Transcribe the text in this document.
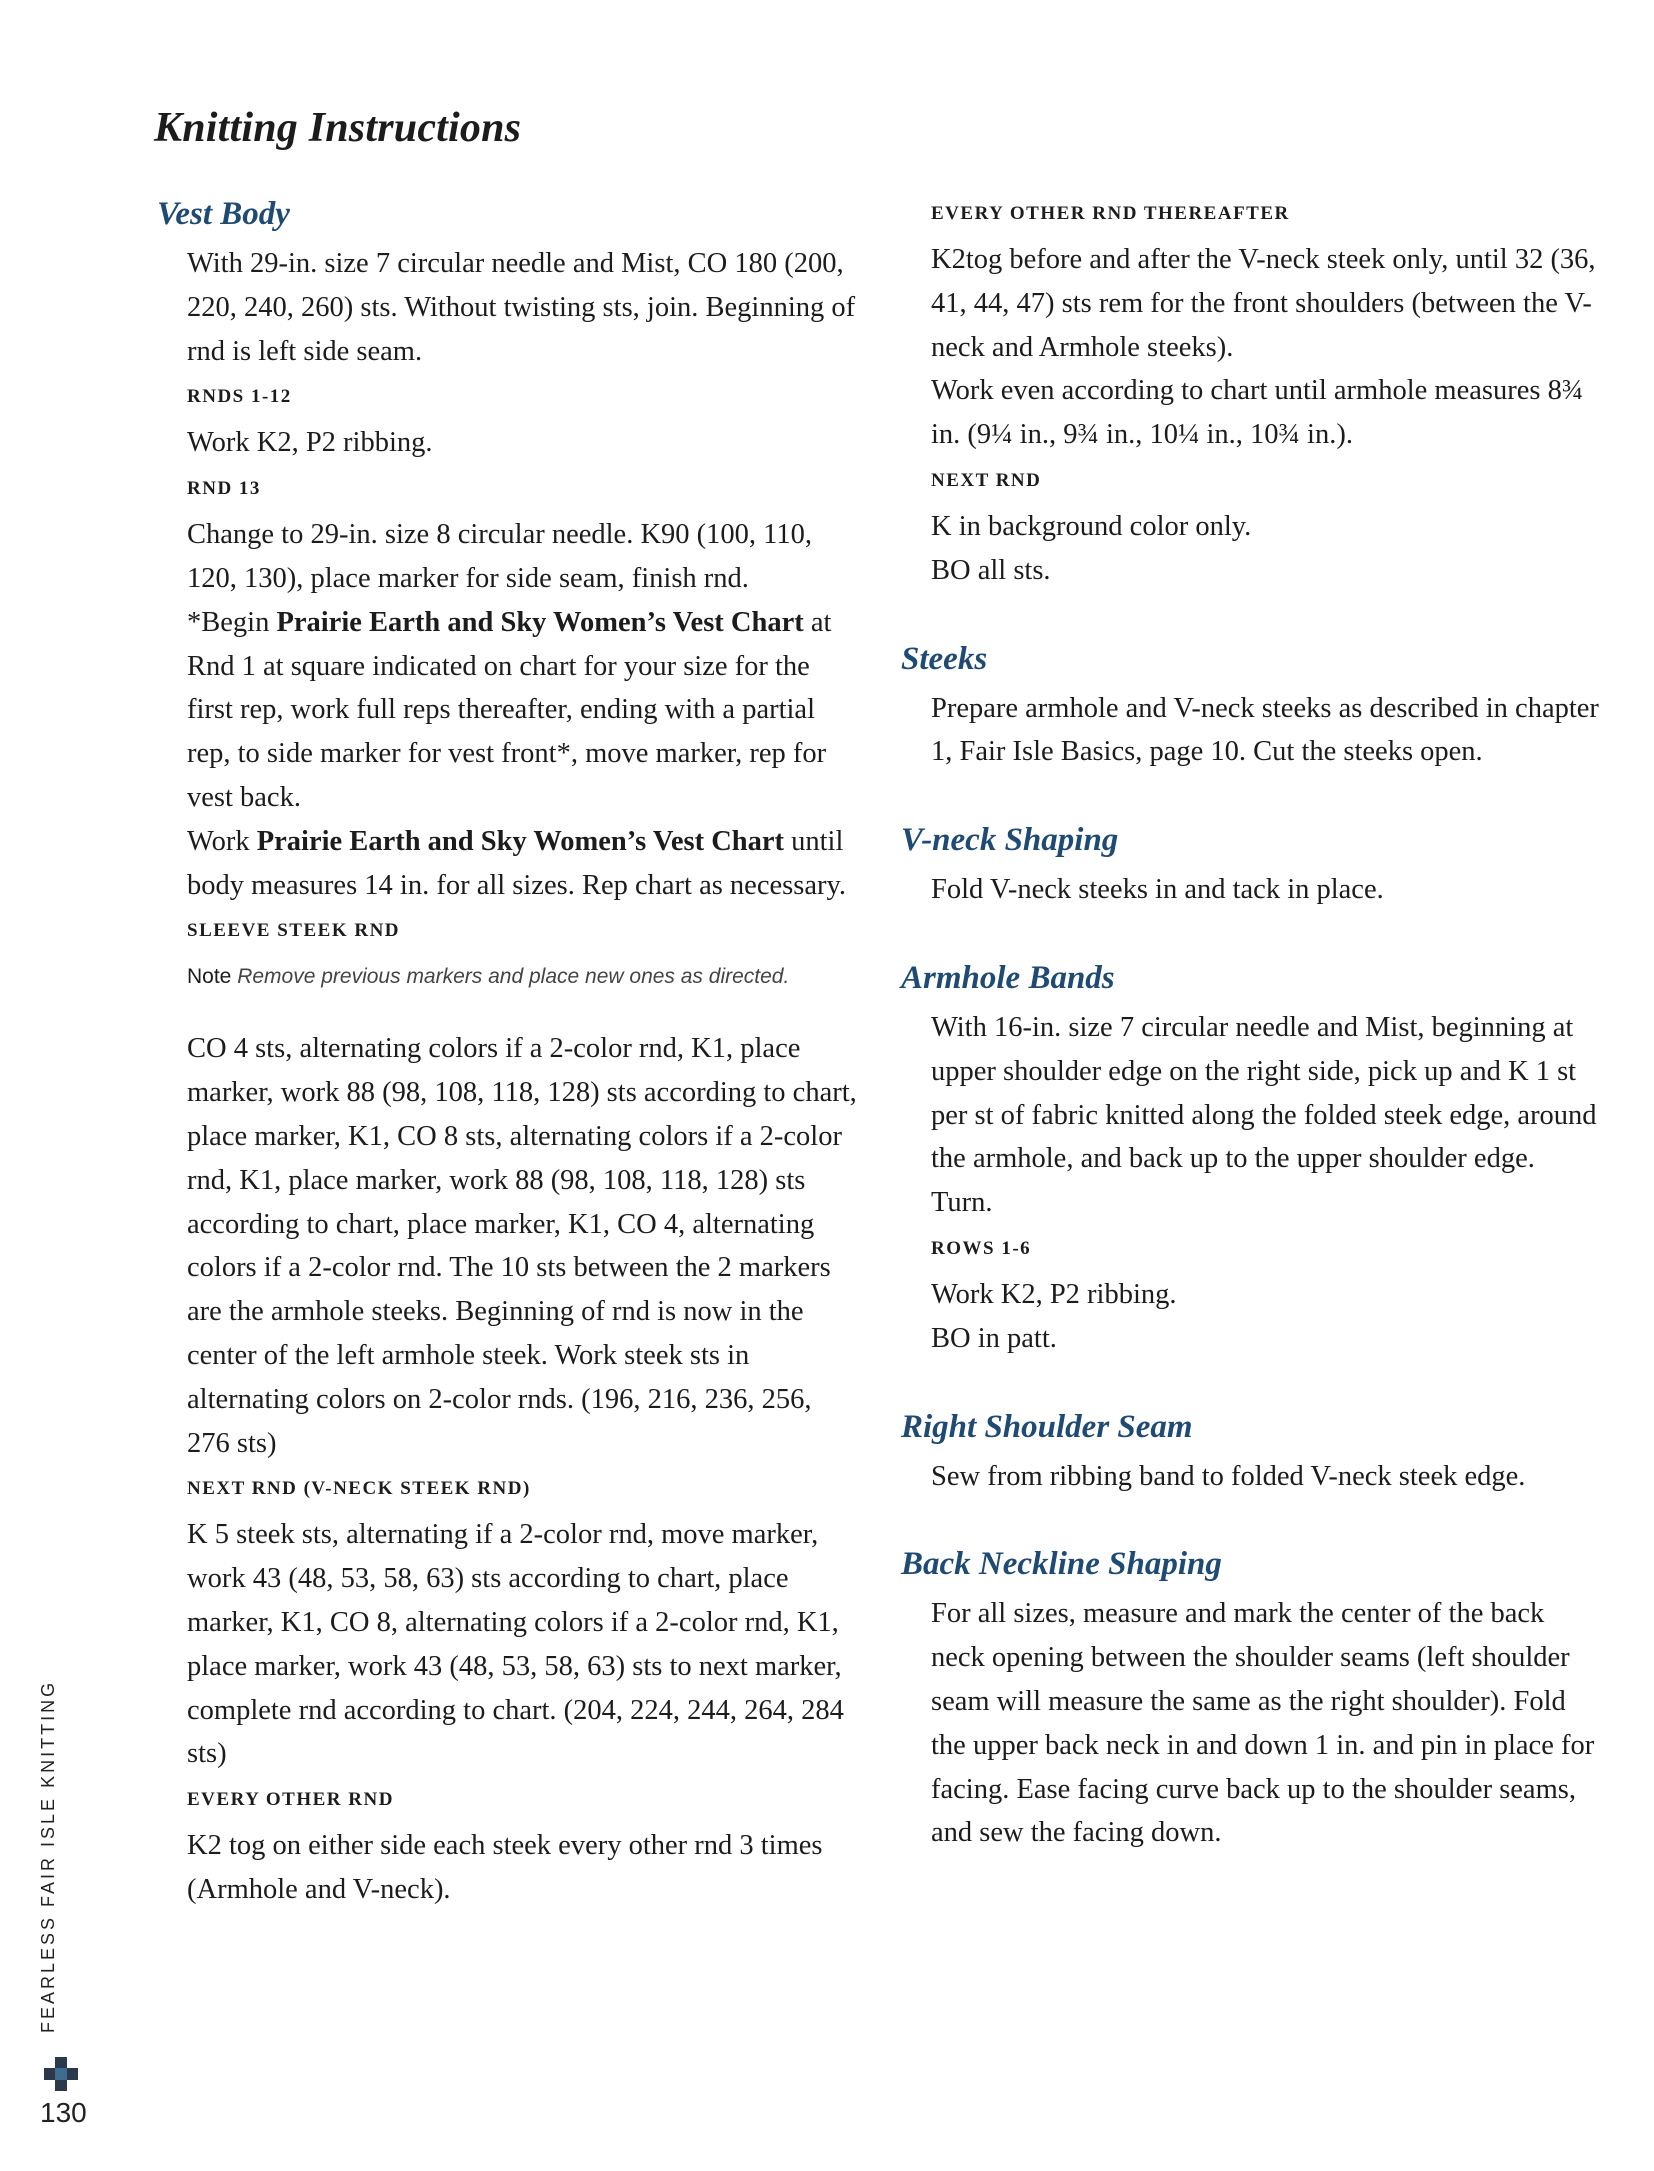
Knitting Instructions
Vest Body

With 29-in. size 7 circular needle and Mist, CO 180 (200, 220, 240, 260) sts. Without twisting sts, join. Beginning of rnd is left side seam.

RNDS 1-12

Work K2, P2 ribbing.

RND 13

Change to 29-in. size 8 circular needle. K90 (100, 110, 120, 130), place marker for side seam, finish rnd.

*Begin Prairie Earth and Sky Women’s Vest Chart at Rnd 1 at square indicated on chart for your size for the first rep, work full reps thereafter, ending with a partial rep, to side marker for vest front*, move marker, rep for vest back.

Work Prairie Earth and Sky Women’s Vest Chart until body measures 14 in. for all sizes. Rep chart as necessary.

SLEEVE STEEK RND
Note Remove previous markers and place new ones as directed.

CO 4 sts, alternating colors if a 2-color rnd, K1, place marker, work 88 (98, 108, 118, 128) sts according to chart, place marker, K1, CO 8 sts, alternating colors if a 2-color rnd, K1, place marker, work 88 (98, 108, 118, 128) sts according to chart, place marker, K1, CO 4, alternating colors if a 2-color rnd. The 10 sts between the 2 markers are the armhole steeks. Beginning of rnd is now in the center of the left armhole steek. Work steek sts in alternating colors on 2-color rnds. (196, 216, 236, 256, 276 sts)

NEXT RND (V-NECK STEEK RND)

K 5 steek sts, alternating if a 2-color rnd, move marker, work 43 (48, 53, 58, 63) sts according to chart, place marker, K1, CO 8, alternating colors if a 2-color rnd, K1, place marker, work 43 (48, 53, 58, 63) sts to next marker, complete rnd according to chart. (204, 224, 244, 264, 284 sts)

EVERY OTHER RND

K2 tog on either side each steek every other rnd 3 times (Armhole and V-neck).

EVERY OTHER RND THEREAFTER

K2tog before and after the V-neck steek only, until 32 (36, 41, 44, 47) sts rem for the front shoulders (between the V-neck and Armhole steeks).

Work even according to chart until armhole measures 8¾ in. (9¼ in., 9¾ in., 10¼ in., 10¾ in.).

NEXT RND

K in background color only.

BO all sts.

Steeks

Prepare armhole and V-neck steeks as described in chapter 1, Fair Isle Basics, page 10. Cut the steeks open.

V-neck Shaping

Fold V-neck steeks in and tack in place.

Armhole Bands

With 16-in. size 7 circular needle and Mist, beginning at upper shoulder edge on the right side, pick up and K 1 st per st of fabric knitted along the folded steek edge, around the armhole, and back up to the upper shoulder edge. Turn.

ROWS 1-6

Work K2, P2 ribbing.

BO in patt.

Right Shoulder Seam

Sew from ribbing band to folded V-neck steek edge.

Back Neckline Shaping

For all sizes, measure and mark the center of the back neck opening between the shoulder seams (left shoulder seam will measure the same as the right shoulder). Fold the upper back neck in and down 1 in. and pin in place for facing. Ease facing curve back up to the shoulder seams, and sew the facing down.

FEARLESS FAIR ISLE KNITTING
130
